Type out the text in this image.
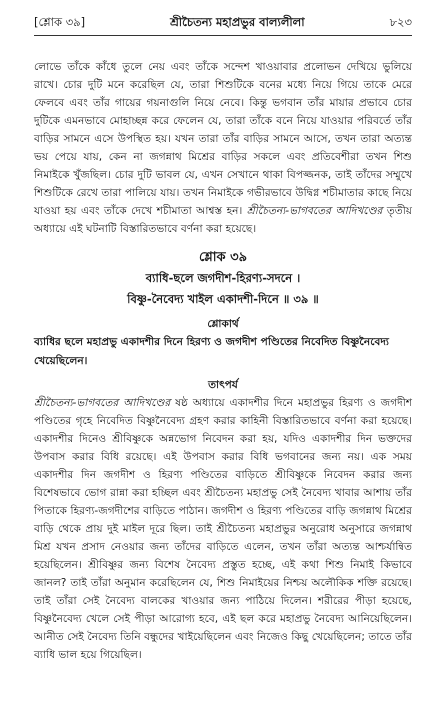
[শ্লোক ৩৯]	শ্রীচৈতন্য মহাপ্রভুর বাল্যলীলা	৮২৩

লোভে তাঁকে কাঁধে তুলে নেয় এবং তাঁকে সন্দেশ খাওয়াবার প্রলোভন দেখিয়ে ভুলিয়ে রাখে। চোর দুটি মনে করেছিল যে, তারা শিশুটিকে বনের মধ্যে নিয়ে গিয়ে তাকে মেরে ফেলবে এবং তাঁর গায়ের গয়নাগুলি নিয়ে নেবে। কিন্তু ভগবান তাঁর মায়ার প্রভাবে চোর দুটিকে এমনভাবে মোহাচ্ছন্ন করে ফেলেন যে, তারা তাঁকে বনে নিয়ে যাওয়ার পরিবর্তে তাঁর বাড়ির সামনে এসে উপস্থিত হয়। যখন তারা তাঁর বাড়ির সামনে আসে, তখন তারা অত্যন্ত ভয় পেয়ে যায়, কেন না জগন্নাথ মিশ্রের বাড়ির সকলে এবং প্রতিবেশীরা তখন শিশু নিমাইকে খুঁজছিল। চোর দুটি ভাবল যে, এখন সেখানে থাকা বিপজ্জনক, তাই তাঁদের সম্মুখে শিশুটিকে রেখে তারা পালিয়ে যায়। তখন নিমাইকে গভীরভাবে উদ্বিগ্ন শচীমাতার কাছে নিয়ে যাওয়া হয় এবং তাঁকে দেখে শচীমাতা আশ্বস্ত হন। শ্রীচৈতন্য-ভাগবতের আদিখণ্ডের তৃতীয় অধ্যায়ে এই ঘটনাটি বিস্তারিতভাবে বর্ণনা করা হয়েছে।

শ্লোক ৩৯
ব্যাধি-ছলে জগদীশ-হিরণ্য-সদনে ।
বিষ্ণু-নৈবেদ্য খাইল একাদশী-দিনে ॥ ৩৯ ॥
শ্লোকার্থ

ব্যাধির ছলে মহাপ্রভু একাদশীর দিনে হিরণ্য ও জগদীশ পণ্ডিতের নিবেদিত বিষ্ণুনৈবেদ্য খেয়েছিলেন।

তাৎপর্য

শ্রীচৈতন্য-ভাগবতের আদিখণ্ডের ষষ্ঠ অধ্যায়ে একাদশীর দিনে মহাপ্রভুর হিরণ্য ও জগদীশ পণ্ডিতের গৃহে নিবেদিত বিষ্ণুনৈবেদ্য গ্রহণ করার কাহিনী বিস্তারিতভাবে বর্ণনা করা হয়েছে। একাদশীর দিনেও শ্রীবিষ্ণুকে অন্নভোগ নিবেদন করা হয়, যদিও একাদশীর দিন ভক্তদের উপবাস করার বিধি রয়েছে। এই উপবাস করার বিধি ভগবানের জন্য নয়। এক সময় একাদশীর দিন জগদীশ ও হিরণ্য পণ্ডিতের বাড়িতে শ্রীবিষ্ণুকে নিবেদন করার জন্য বিশেষভাবে ভোগ রান্না করা হচ্ছিল এবং শ্রীচৈতন্য মহাপ্রভু সেই নৈবেদ্য খাবার আশায় তাঁর পিতাকে হিরণ্য-জগদীশের বাড়িতে পাঠান। জগদীশ ও হিরণ্য পণ্ডিতের বাড়ি জগন্নাথ মিশ্রের বাড়ি থেকে প্রায় দুই মাইল দূরে ছিল। তাই শ্রীচৈতন্য মহাপ্রভুর অনুরোধ অনুসারে জগন্নাথ মিশ্র যখন প্রসাদ নেওয়ার জন্য তাঁদের বাড়িতে এলেন, তখন তাঁরা অত্যন্ত আশ্চর্যান্বিত হয়েছিলেন। শ্রীবিষ্ণুর জন্য বিশেষ নৈবেদ্য প্রস্তুত হচ্ছে, এই কথা শিশু নিমাই কিভাবে জানল? তাই তাঁরা অনুমান করেছিলেন যে, শিশু নিমাইয়ের নিশ্চয় অলৌকিক শক্তি রয়েছে। তাই তাঁরা সেই নৈবেদ্য বালকের খাওয়ার জন্য পাঠিয়ে দিলেন। শরীরের পীড়া হয়েছে, বিষ্ণুনৈবেদ্য খেলে সেই পীড়া আরোগ্য হবে, এই ছল করে মহাপ্রভু নৈবেদ্য আনিয়েছিলেন। আনীত সেই নৈবেদ্য তিনি বন্ধুদের খাইয়েছিলেন এবং নিজেও কিছু খেয়েছিলেন; তাতে তাঁর ব্যাধি ভাল হয়ে গিয়েছিল।
